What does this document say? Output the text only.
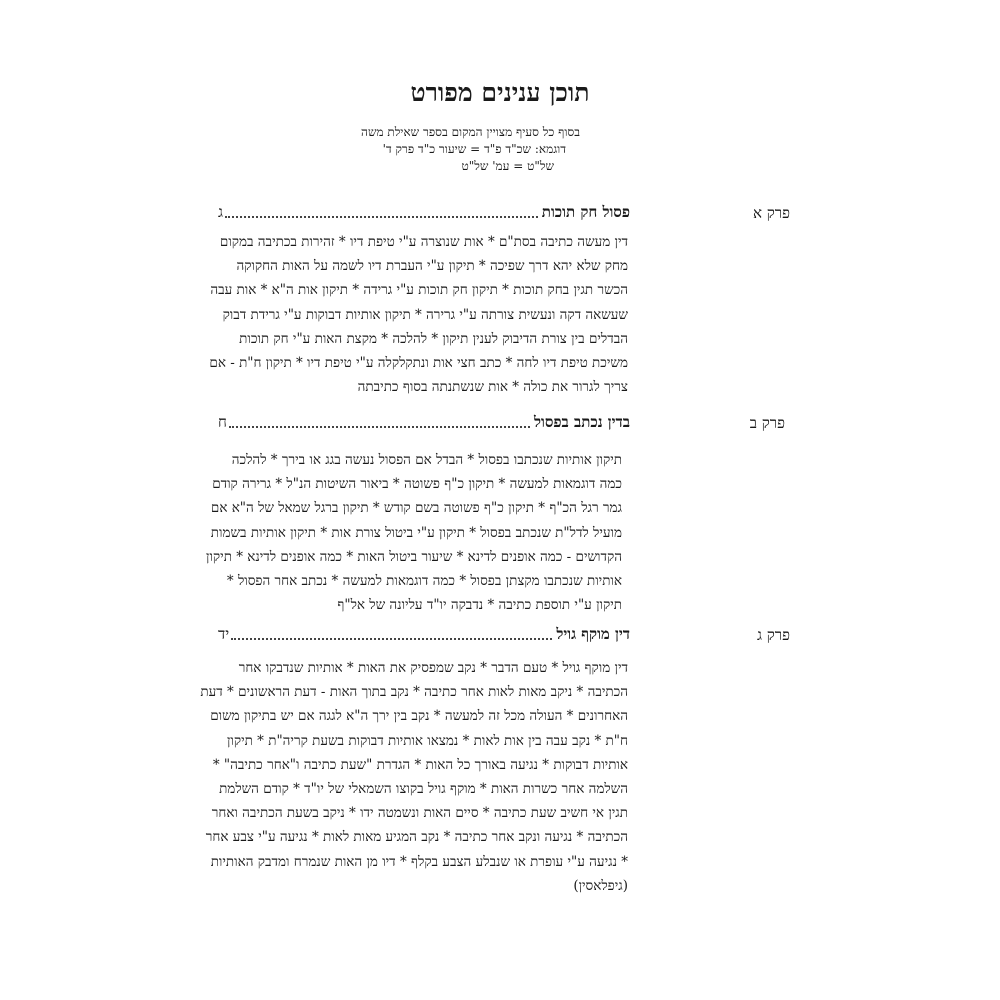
תוכן ענינים מפורט
בסוף כל סעיף מצויין המקום בספר שאילת משה
דוגמא: שכ"ד פ"ד = שיעור כ"ד פרק ד'
של"ט = עמ' של"ט
פרק א
פסול חק תוכות
ג
דין מעשה כתיבה בסת"ם * אות שנוצרה ע"י טיפת דיו * זהירות בכתיבה במקום
מחק שלא יהא דרך שפיכה * תיקון ע"י העברת דיו לשמה על האות החקוקה
הכשר תגין בחק תוכות * תיקון חק תוכות ע"י גרידה * תיקון אות ה"א * אות עבה
שעשאה דקה ונעשית צורתה ע"י גרירה * תיקון אותיות דבוקות ע"י גרידת דבוק
הבדלים בין צורת הדיבוק לענין תיקון * להלכה * מקצת האות ע"י חק תוכות
משיכת טיפת דיו לחה * כתב חצי אות ונתקלקלה ע"י טיפת דיו * תיקון ח"ת - אם
צריך לגרור את כולה * אות שנשתנתה בסוף כתיבתה
פרק ב
בדין נכתב בפסול
ח
תיקון אותיות שנכתבו בפסול * הבדל אם הפסול נעשה בגג או בירך * להלכה
כמה דוגמאות למעשה * תיקון כ"ף פשוטה * ביאור השיטות הנ"ל * גרירה קודם
גמר רגל הכ"ף * תיקון כ"ף פשוטה בשם קודש * תיקון ברגל שמאל של ה"א אם
מועיל לדל"ת שנכתב בפסול * תיקון ע"י ביטול צורת אות * תיקון אותיות בשמות
הקדושים - כמה אופנים לדינא * שיעור ביטול האות * כמה אופנים לדינא * תיקון
אותיות שנכתבו מקצתן בפסול * כמה דוגמאות למעשה * נכתב אחר הפסול *
תיקון ע"י תוספת כתיבה * נדבקה יו"ד עליונה של אל"ף
פרק ג
דין מוקף גויל
יד
דין מוקף גויל * טעם הדבר * נקב שמפסיק את האות * אותיות שנדבקו אחר
הכתיבה * ניקב מאות לאות אחר כתיבה * נקב בתוך האות - דעת הראשונים * דעת
האחרונים * העולה מכל זה למעשה * נקב בין ירך ה"א לגגה אם יש בתיקון משום
ח"ת * נקב עבה בין אות לאות * נמצאו אותיות דבוקות בשעת קריה"ת * תיקון
אותיות דבוקות * נגיעה באורך כל האות * הגדרת "שעת כתיבה ו"אחר כתיבה" *
השלמה אחר כשרות האות * מוקף גויל בקוצו השמאלי של יו"ד * קודם השלמת
תגין אי חשיב שעת כתיבה * סיים האות ונשמטה ידו * ניקב בשעת הכתיבה ואחר
הכתיבה * נגיעה ונקב אחר כתיבה * נקב המגיע מאות לאות * נגיעה ע"י צבע אחר
* נגיעה ע"י עופרת או שנבלע הצבע בקלף * דיו מן האות שנמרח ומדבק האותיות
(גיפלאסין)
